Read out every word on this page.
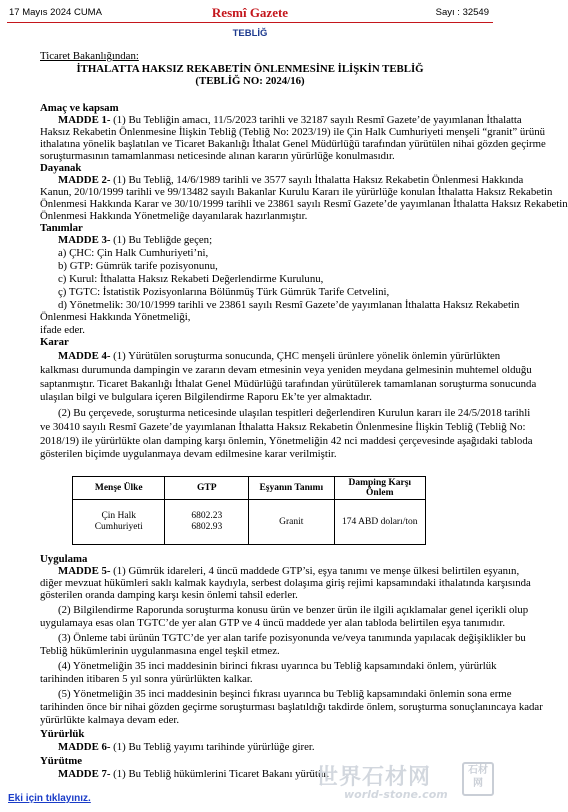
17 Mayıs 2024 CUMA	Resmî Gazete	Sayı : 32549
TEBLİĞ
Ticaret Bakanlığından:
İTHALATTA HAKSIZ REKABETİN ÖNLENMESİNE İLİŞKİN TEBLİĞ
(TEBLİĞ NO: 2024/16)
Amaç ve kapsam
MADDE 1- (1) Bu Tebliğin amacı, 11/5/2023 tarihli ve 32187 sayılı Resmî Gazete’de yayımlanan İthalatta
Haksız Rekabetin Önlenmesine İlişkin Tebliğ (Tebliğ No: 2023/19) ile Çin Halk Cumhuriyeti menşeli “granit” ürünü
ithalatına yönelik başlatılan ve Ticaret Bakanlığı İthalat Genel Müdürlüğü tarafından yürütülen nihai gözden geçirme
soruşturmasının tamamlanması neticesinde alınan kararın yürürlüğe konulmasıdır.
Dayanak
MADDE 2- (1) Bu Tebliğ, 14/6/1989 tarihli ve 3577 sayılı İthalatta Haksız Rekabetin Önlenmesi Hakkında
Kanun, 20/10/1999 tarihli ve 99/13482 sayılı Bakanlar Kurulu Kararı ile yürürlüğe konulan İthalatta Haksız Rekabetin
Önlenmesi Hakkında Karar ve 30/10/1999 tarihli ve 23861 sayılı Resmî Gazete’de yayımlanan İthalatta Haksız Rekabetin
Önlenmesi Hakkında Yönetmeliğe dayanılarak hazırlanmıştır.
Tanımlar
MADDE 3- (1) Bu Tebliğde geçen;
a) ÇHC: Çin Halk Cumhuriyeti’ni,
b) GTP: Gümrük tarife pozisyonunu,
c) Kurul: İthalatta Haksız Rekabeti Değerlendirme Kurulunu,
ç) TGTC: İstatistik Pozisyonlarına Bölünmüş Türk Gümrük Tarife Cetvelini,
d) Yönetmelik: 30/10/1999 tarihli ve 23861 sayılı Resmî Gazete’de yayımlanan İthalatta Haksız Rekabetin
Önlenmesi Hakkında Yönetmeliği,
ifade eder.
Karar
MADDE 4- (1) Yürütülen soruşturma sonucunda, ÇHC menşeli ürünlere yönelik önlemin yürürlükten
kalkması durumunda dampingin ve zararın devam etmesinin veya yeniden meydana gelmesinin muhtemel olduğu
saptanmıştır. Ticaret Bakanlığı İthalat Genel Müdürlüğü tarafından yürütülerek tamamlanan soruşturma sonucunda
ulaşılan bilgi ve bulgulara içeren Bilgilendirme Raporu Ek’te yer almaktadır.
(2) Bu çerçevede, soruşturma neticesinde ulaşılan tespitleri değerlendiren Kurulun kararı ile 24/5/2018 tarihli
ve 30410 sayılı Resmî Gazete’de yayımlanan İthalatta Haksız Rekabetin Önlenmesine İlişkin Tebliğ (Tebliğ No:
2018/19) ile yürürlükte olan damping karşı önlemin, Yönetmeliğin 42 nci maddesi çerçevesinde aşağıdaki tabloda
gösterilen biçimde uygulanmaya devam edilmesine karar verilmiştir.
Menşe Ülke	GTP	Eşyanın Tanımı	Damping Karşı
Önlem
Çin Halk
Cumhuriyeti	6802.23
6802.93	Granit	174 ABD doları/ton
Uygulama
MADDE 5- (1) Gümrük idareleri, 4 üncü maddede GTP’si, eşya tanımı ve menşe ülkesi belirtilen eşyanın,
diğer mevzuat hükümleri saklı kalmak kaydıyla, serbest dolaşıma giriş rejimi kapsamındaki ithalatında karşısında
gösterilen oranda damping karşı kesin önlemi tahsil ederler.
(2) Bilgilendirme Raporunda soruşturma konusu ürün ve benzer ürün ile ilgili açıklamalar genel içerikli olup
uygulamaya esas olan TGTC’de yer alan GTP ve 4 üncü maddede yer alan tabloda belirtilen eşya tanımıdır.
(3) Önleme tabi ürünün TGTC’de yer alan tarife pozisyonunda ve/veya tanımında yapılacak değişiklikler bu
Tebliğ hükümlerinin uygulanmasına engel teşkil etmez.
(4) Yönetmeliğin 35 inci maddesinin birinci fıkrası uyarınca bu Tebliğ kapsamındaki önlem, yürürlük
tarihinden itibaren 5 yıl sonra yürürlükten kalkar.
(5) Yönetmeliğin 35 inci maddesinin beşinci fıkrası uyarınca bu Tebliğ kapsamındaki önlemin sona erme
tarihinden önce bir nihai gözden geçirme soruşturması başlatıldığı takdirde önlem, soruşturma sonuçlanıncaya kadar
yürürlükte kalmaya devam eder.
Yürürlük
MADDE 6- (1) Bu Tebliğ yayımı tarihinde yürürlüğe girer.
Yürütme
MADDE 7- (1) Bu Tebliğ hükümlerini Ticaret Bakanı yürütür.
Eki için tıklayınız.
世界石材网
world-stone.com
石材
网
